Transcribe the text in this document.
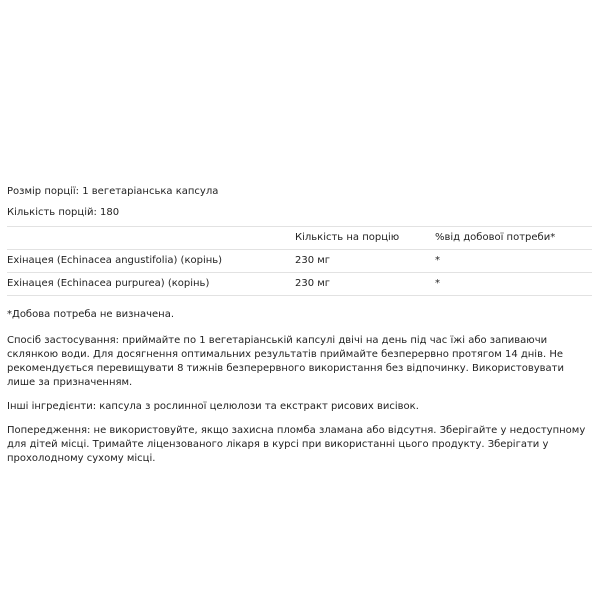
Розмір порції: 1 вегетаріанська капсула

Кількість порцій: 180

	Кількість на порцію	%від добової потреби*
Ехінацея (Echinacea angustifolia) (корінь)	230 мг	*
Ехінацея (Echinacea purpurea) (корінь)	230 мг	*

*Добова потреба не визначена.

Спосіб застосування: приймайте по 1 вегетаріанській капсулі двічі на день під час їжі або запиваючи склянкою води. Для досягнення оптимальних результатів приймайте безперервно протягом 14 днів. Не рекомендується перевищувати 8 тижнів безперервного використання без відпочинку. Використовувати лише за призначенням.

Інші інгредієнти: капсула з рослинної целюлози та екстракт рисових висівок.

Попередження: не використовуйте, якщо захисна пломба зламана або відсутня. Зберігайте у недоступному для дітей місці. Тримайте ліцензованого лікаря в курсі при використанні цього продукту. Зберігати у прохолодному сухому місці.
